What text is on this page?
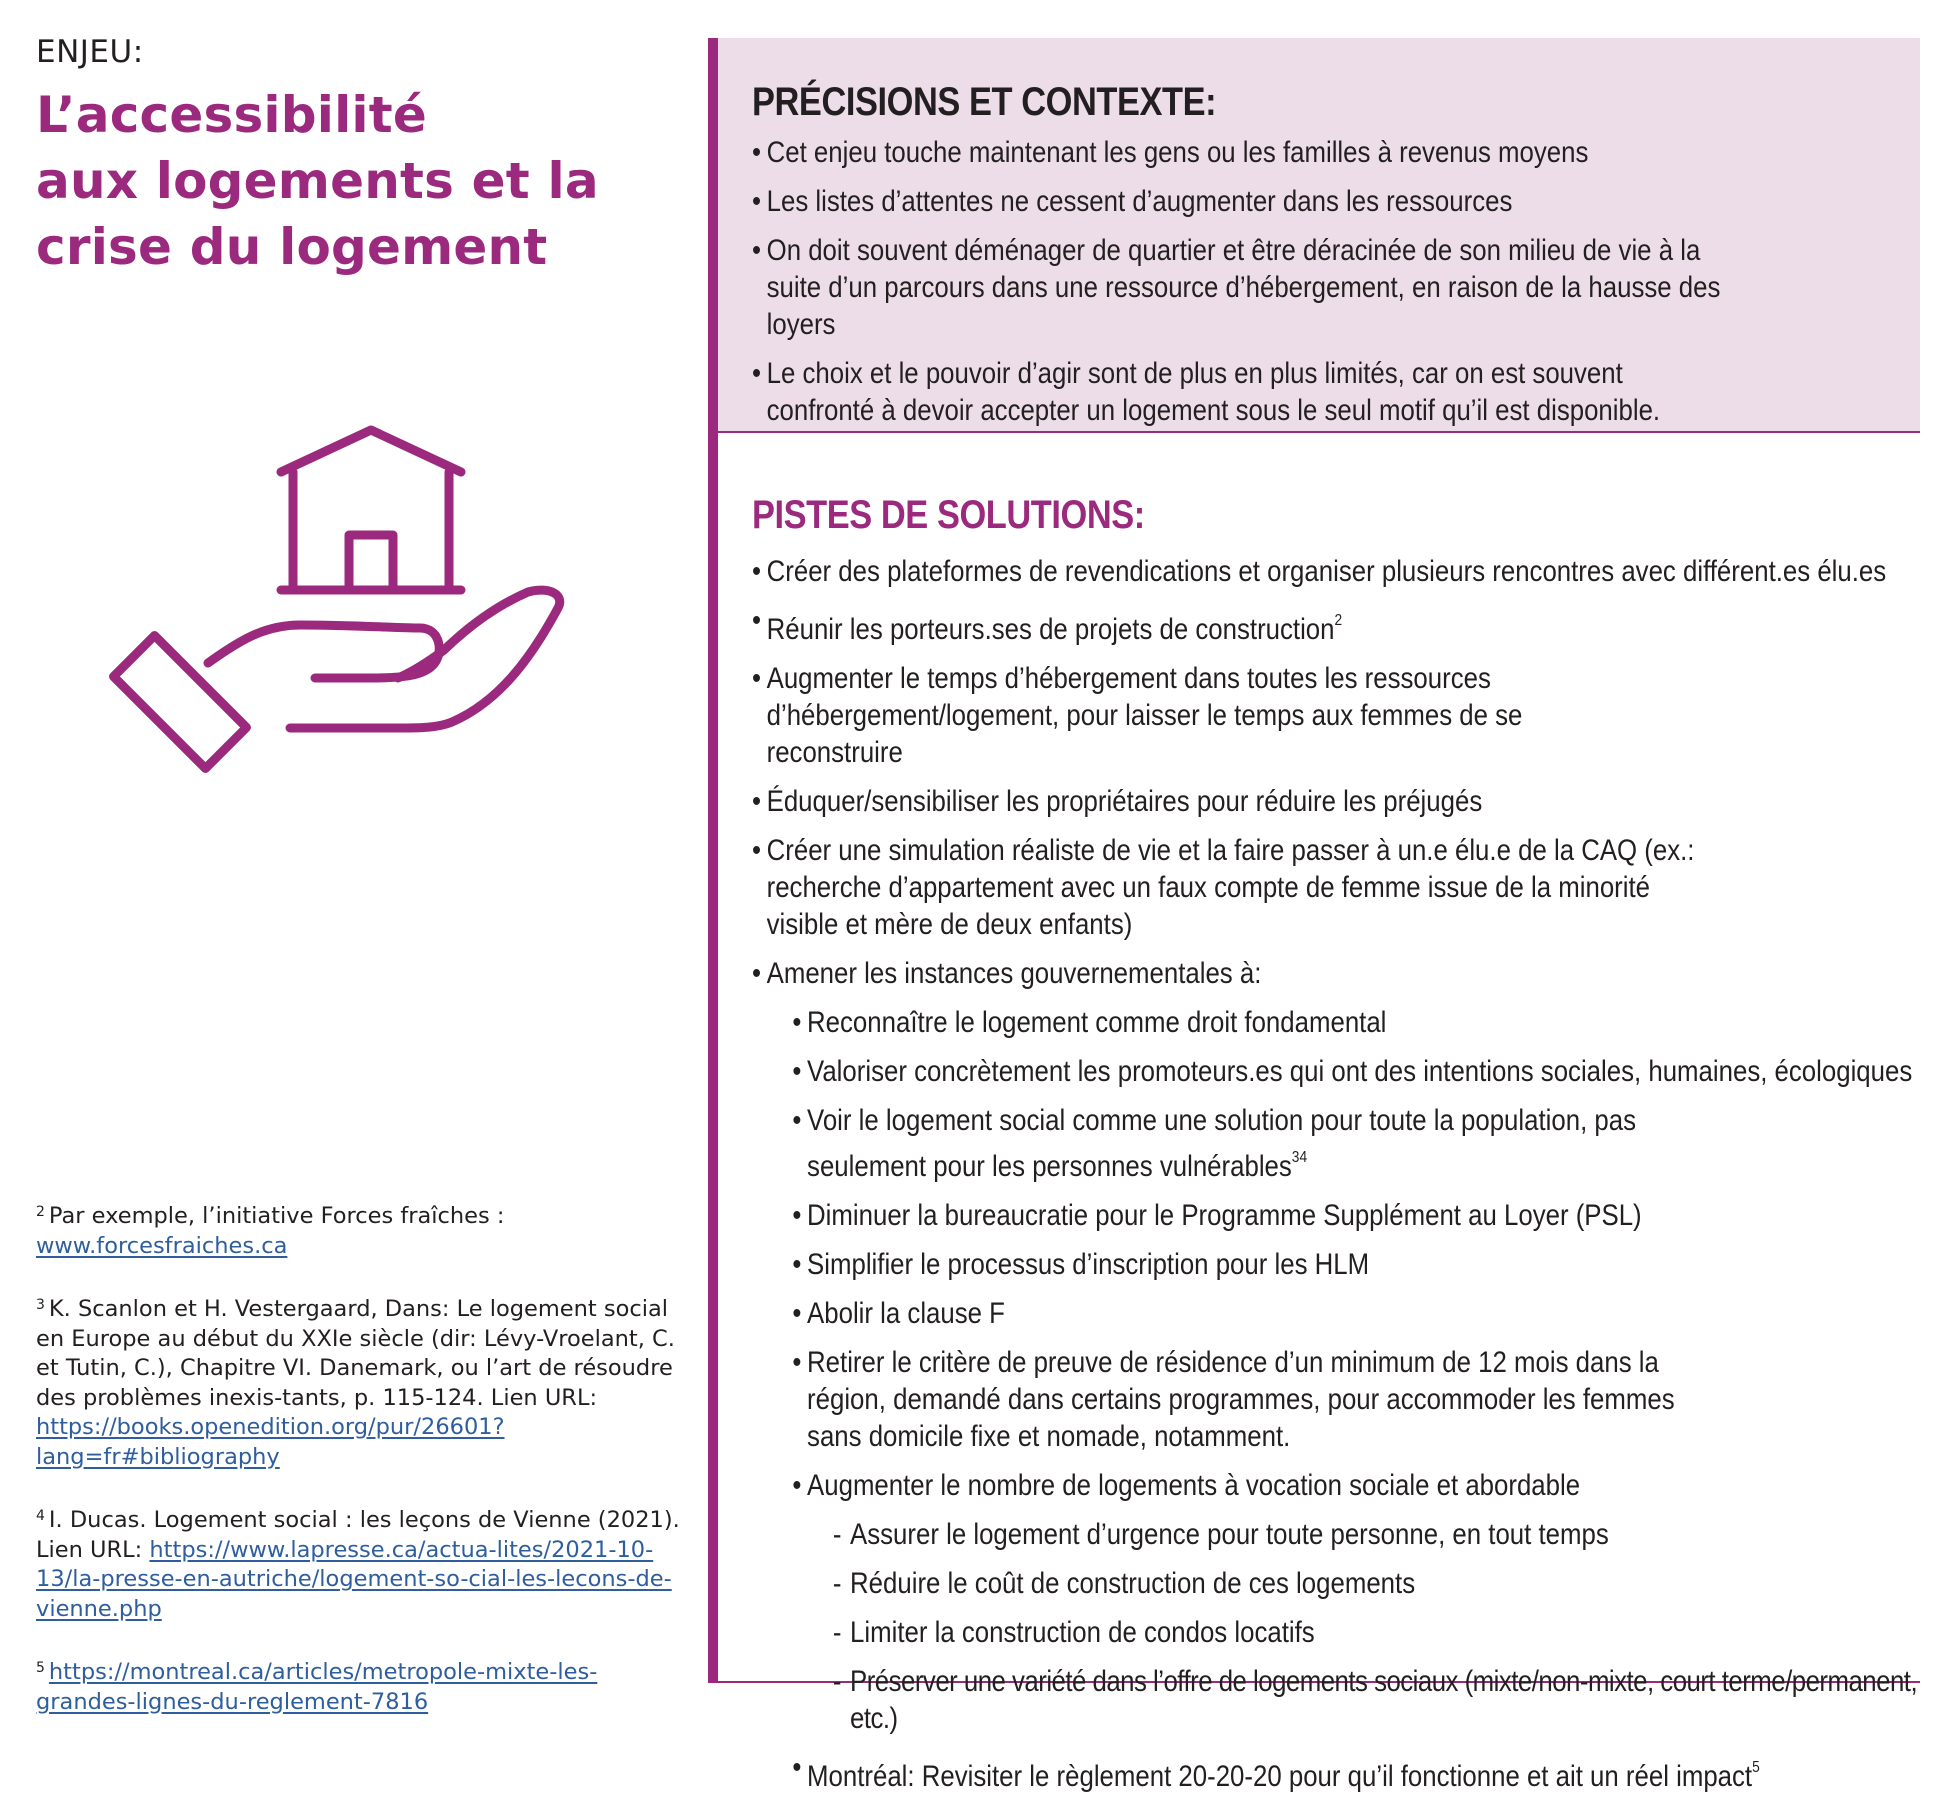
ENJEU:
L’accessibilité
aux logements et la
crise du logement

$^2$ Par exemple, l’initiative Forces fraîches :
www.forcesfraiches.ca

$^3$ K. Scanlon et H. Vestergaard, Dans: Le logement social en Europe au début du XXIe siècle (dir: Lévy-Vroelant, C. et Tutin, C.), Chapitre VI. Danemark, ou l’art de résoudre des problèmes inexis-tants, p. 115-124. Lien URL: https://books.openedition.org/pur/26601?lang=fr#bibliography

$^4$ I. Ducas. Logement social : les leçons de Vienne (2021). Lien URL: https://www.lapresse.ca/actua-lites/2021-10-13/la-presse-en-autriche/logement-so-cial-les-lecons-de-vienne.php

$^5$ https://montreal.ca/articles/metropole-mixte-les-grandes-lignes-du-reglement-7816

PRÉCISIONS ET CONTEXTE:
• Cet enjeu touche maintenant les gens ou les familles à revenus moyens
• Les listes d’attentes ne cessent d’augmenter dans les ressources
• On doit souvent déménager de quartier et être déracinée de son milieu de vie à la suite d’un parcours dans une ressource d’hébergement, en raison de la hausse des loyers
• Le choix et le pouvoir d’agir sont de plus en plus limités, car on est souvent confronté à devoir accepter un logement sous le seul motif qu’il est disponible.
PISTES DE SOLUTIONS:
• Créer des plateformes de revendications et organiser plusieurs rencontres avec différent.es élu.es
• Réunir les porteurs.ses de projets de construction$^2$
• Augmenter le temps d’hébergement dans toutes les ressources d’hébergement/logement, pour laisser le temps aux femmes de se reconstruire
• Éduquer/sensibiliser les propriétaires pour réduire les préjugés
• Créer une simulation réaliste de vie et la faire passer à un.e élu.e de la CAQ (ex.: recherche d’appartement avec un faux compte de femme issue de la minorité visible et mère de deux enfants)
• Amener les instances gouvernementales à:
• Reconnaître le logement comme droit fondamental
• Valoriser concrètement les promoteurs.es qui ont des intentions sociales, humaines, écologiques
• Voir le logement social comme une solution pour toute la population, pas seulement pour les personnes vulnérables$^{34}$
• Diminuer la bureaucratie pour le Programme Supplément au Loyer (PSL)
• Simplifier le processus d’inscription pour les HLM
• Abolir la clause F
• Retirer le critère de preuve de résidence d’un minimum de 12 mois dans la région, demandé dans certains programmes, pour accommoder les femmes sans domicile fixe et nomade, notamment.
• Augmenter le nombre de logements à vocation sociale et abordable
- Assurer le logement d’urgence pour toute personne, en tout temps
- Réduire le coût de construction de ces logements
- Limiter la construction de condos locatifs
- Préserver une variété dans l’offre de logements sociaux (mixte/non-mixte, court terme/permanent, etc.)
• Montréal: Revisiter le règlement 20-20-20 pour qu’il fonctionne et ait un réel impact$^5$
